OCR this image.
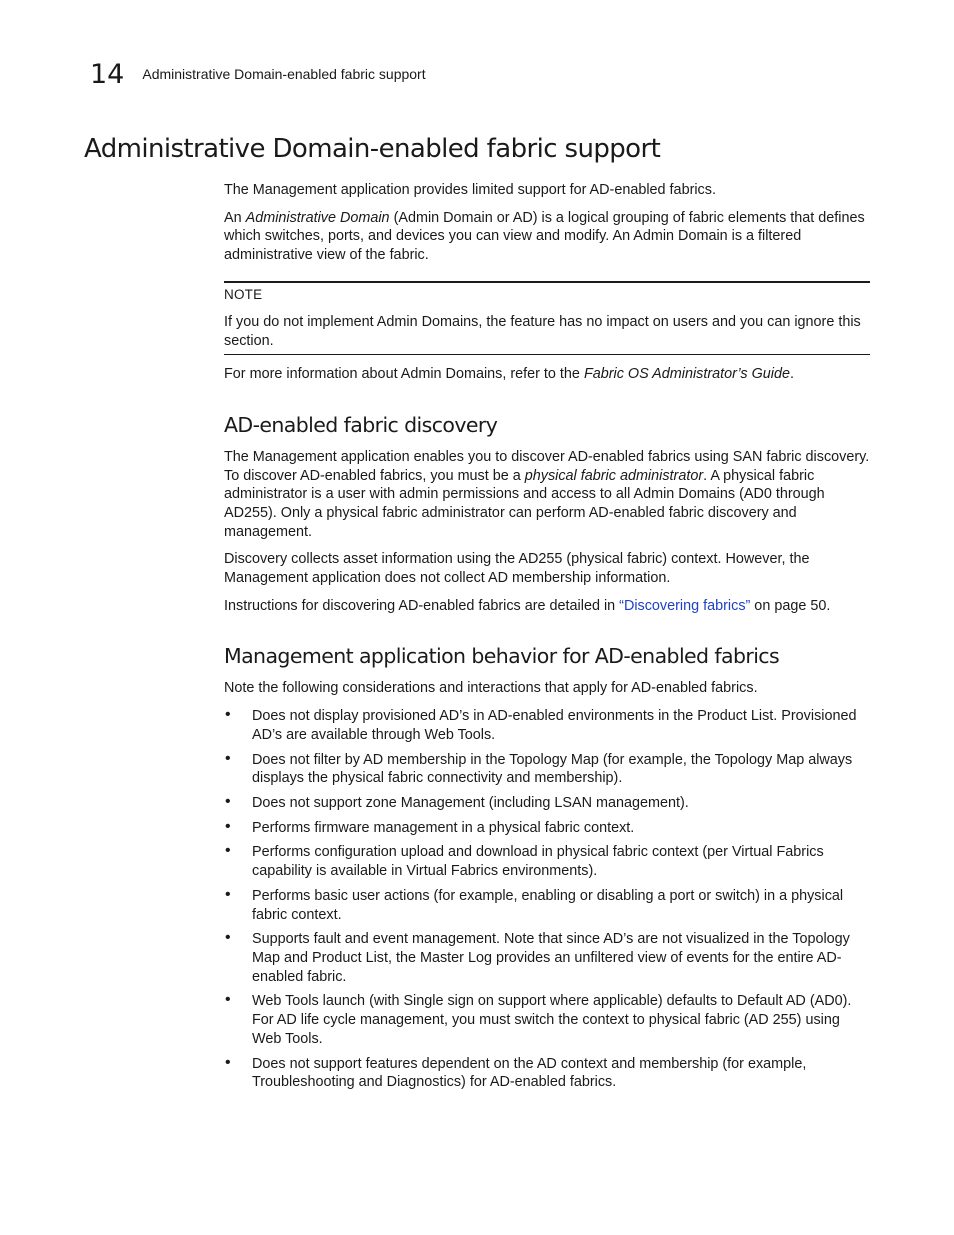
14 Administrative Domain-enabled fabric support
Administrative Domain-enabled fabric support

The Management application provides limited support for AD-enabled fabrics.

An Administrative Domain (Admin Domain or AD) is a logical grouping of fabric elements that defines which switches, ports, and devices you can view and modify. An Admin Domain is a filtered administrative view of the fabric.

NOTE

If you do not implement Admin Domains, the feature has no impact on users and you can ignore this section.

For more information about Admin Domains, refer to the Fabric OS Administrator’s Guide.

AD-enabled fabric discovery

The Management application enables you to discover AD-enabled fabrics using SAN fabric discovery. To discover AD-enabled fabrics, you must be a physical fabric administrator. A physical fabric administrator is a user with admin permissions and access to all Admin Domains (AD0 through AD255). Only a physical fabric administrator can perform AD-enabled fabric discovery and management.

Discovery collects asset information using the AD255 (physical fabric) context. However, the Management application does not collect AD membership information.

Instructions for discovering AD-enabled fabrics are detailed in “Discovering fabrics” on page 50.

Management application behavior for AD-enabled fabrics

Note the following considerations and interactions that apply for AD-enabled fabrics.

• Does not display provisioned AD’s in AD-enabled environments in the Product List. Provisioned AD’s are available through Web Tools.
• Does not filter by AD membership in the Topology Map (for example, the Topology Map always displays the physical fabric connectivity and membership).
• Does not support zone Management (including LSAN management).
• Performs firmware management in a physical fabric context.
• Performs configuration upload and download in physical fabric context (per Virtual Fabrics capability is available in Virtual Fabrics environments).
• Performs basic user actions (for example, enabling or disabling a port or switch) in a physical fabric context.
• Supports fault and event management. Note that since AD’s are not visualized in the Topology Map and Product List, the Master Log provides an unfiltered view of events for the entire AD-enabled fabric.
• Web Tools launch (with Single sign on support where applicable) defaults to Default AD (AD0). For AD life cycle management, you must switch the context to physical fabric (AD 255) using Web Tools.
• Does not support features dependent on the AD context and membership (for example, Troubleshooting and Diagnostics) for AD-enabled fabrics.
